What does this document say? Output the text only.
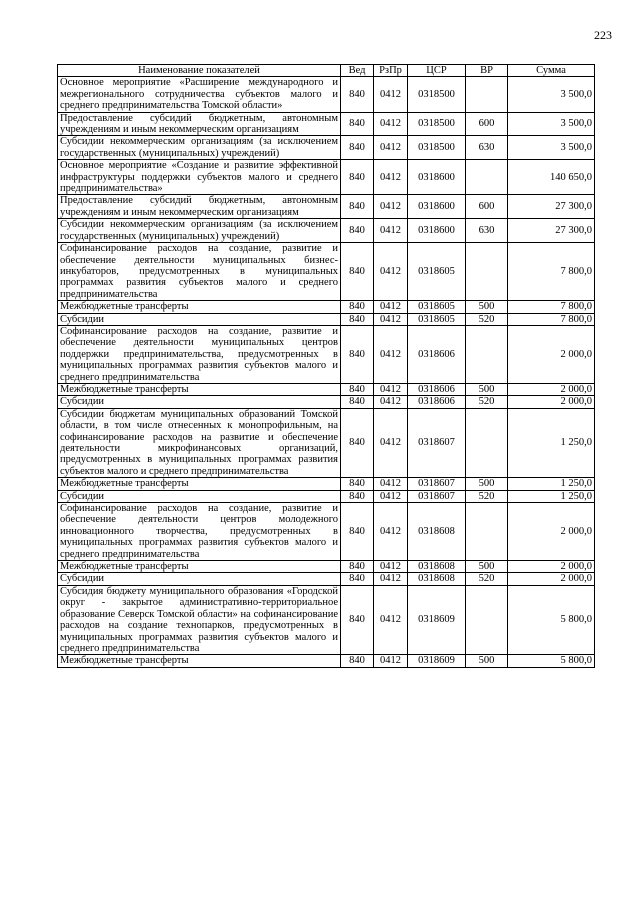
223
Наименование показателей	Вед	РзПр	ЦСР	ВР	Сумма
Основное мероприятие «Расширение международного и межрегионального сотрудничества субъектов малого и среднего предпринимательства Томской области»	840	0412	0318500		3 500,0
Предоставление субсидий бюджетным, автономным учреждениям и иным некоммерческим организациям	840	0412	0318500	600	3 500,0
Субсидии некоммерческим организациям (за исключением государственных (муниципальных) учреждений)	840	0412	0318500	630	3 500,0
Основное мероприятие «Создание и развитие эффективной инфраструктуры поддержки субъектов малого и среднего предпринимательства»	840	0412	0318600		140 650,0
Предоставление субсидий бюджетным, автономным учреждениям и иным некоммерческим организациям	840	0412	0318600	600	27 300,0
Субсидии некоммерческим организациям (за исключением государственных (муниципальных) учреждений)	840	0412	0318600	630	27 300,0
Софинансирование расходов на создание, развитие и обеспечение деятельности муниципальных бизнес-инкубаторов, предусмотренных в муниципальных программах развития субъектов малого и среднего предпринимательства	840	0412	0318605		7 800,0
Межбюджетные трансферты	840	0412	0318605	500	7 800,0
Субсидии	840	0412	0318605	520	7 800,0
Софинансирование расходов на создание, развитие и обеспечение деятельности муниципальных центров поддержки предпринимательства, предусмотренных в муниципальных программах развития субъектов малого и среднего предпринимательства	840	0412	0318606		2 000,0
Межбюджетные трансферты	840	0412	0318606	500	2 000,0
Субсидии	840	0412	0318606	520	2 000,0
Субсидии бюджетам муниципальных образований Томской области, в том числе отнесенных к монопрофильным, на софинансирование расходов на развитие и обеспечение деятельности микрофинансовых организаций, предусмотренных в муниципальных программах развития субъектов малого и среднего предпринимательства	840	0412	0318607		1 250,0
Межбюджетные трансферты	840	0412	0318607	500	1 250,0
Субсидии	840	0412	0318607	520	1 250,0
Софинансирование расходов на создание, развитие и обеспечение деятельности центров молодежного инновационного творчества, предусмотренных в муниципальных программах развития субъектов малого и среднего предпринимательства	840	0412	0318608		2 000,0
Межбюджетные трансферты	840	0412	0318608	500	2 000,0
Субсидии	840	0412	0318608	520	2 000,0
Субсидия бюджету муниципального образования «Городской округ - закрытое административно-территориальное образование Северск Томской области» на софинансирование расходов на создание технопарков, предусмотренных в муниципальных программах развития субъектов малого и среднего предпринимательства	840	0412	0318609		5 800,0
Межбюджетные трансферты	840	0412	0318609	500	5 800,0
